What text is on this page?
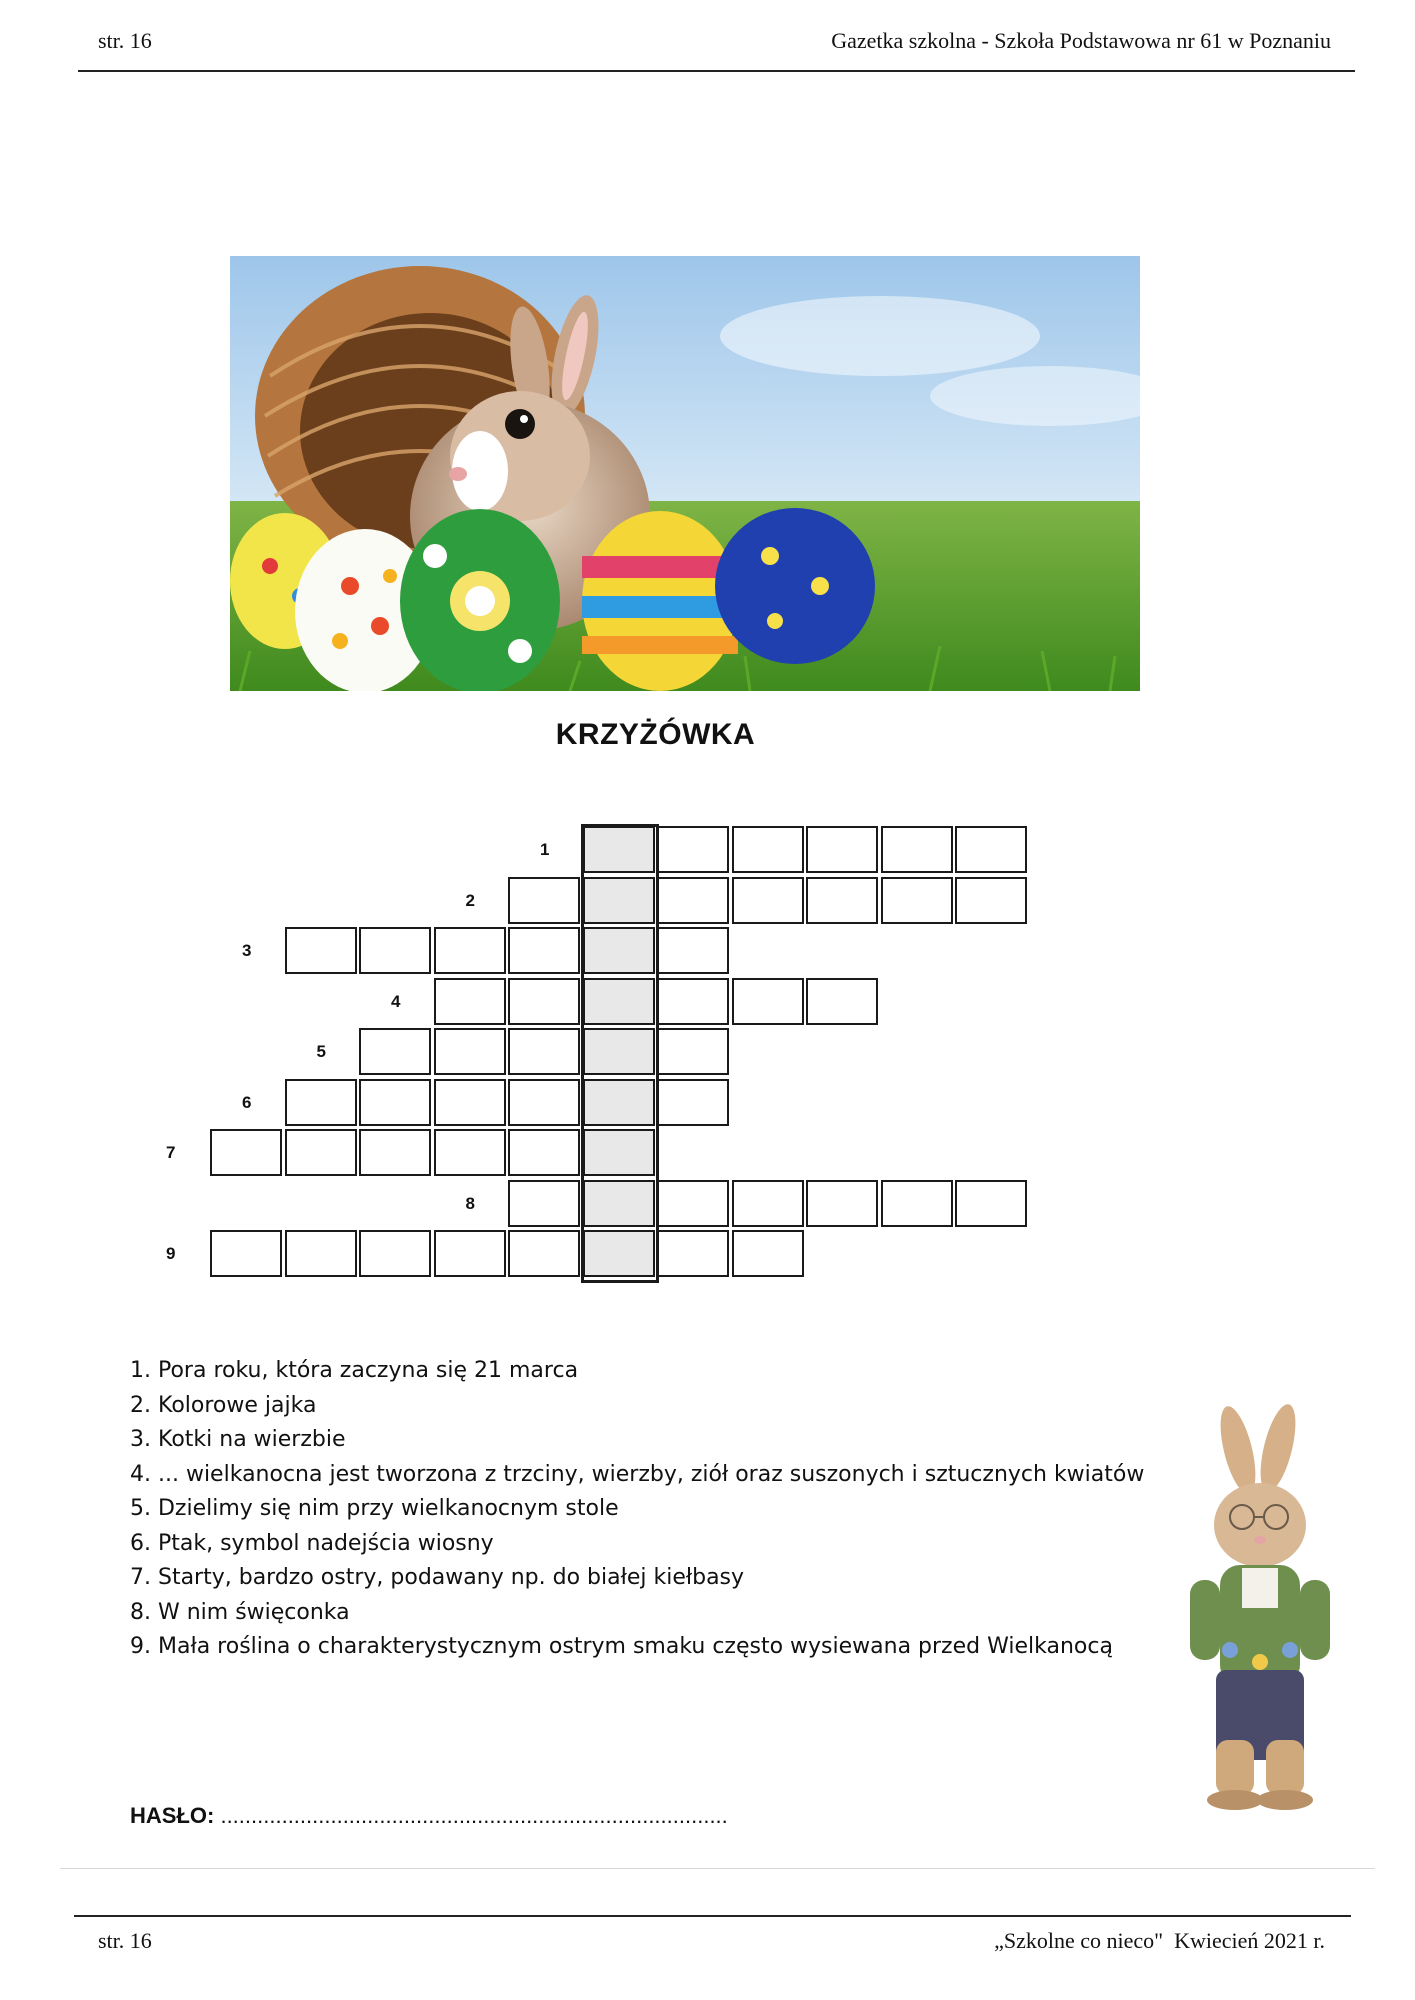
str. 16	Gazetka szkolna - Szkoła Podstawowa nr 61 w Poznaniu
KRZYŻÓWKA
1
2
3
4
5
6
7
8
9
1. Pora roku, która zaczyna się 21 marca
2. Kolorowe jajka
3. Kotki na wierzbie
4. ... wielkanocna jest tworzona z trzciny, wierzby, ziół oraz suszonych i sztucznych kwiatów
5. Dzielimy się nim przy wielkanocnym stole
6. Ptak, symbol nadejścia wiosny
7. Starty, bardzo ostry, podawany np. do białej kiełbasy
8. W nim święconka
9. Mała roślina o charakterystycznym ostrym smaku często wysiewana przed Wielkanocą
HASŁO: ...................................................................................
str. 16	„Szkolne co nieco"  Kwiecień 2021 r.
